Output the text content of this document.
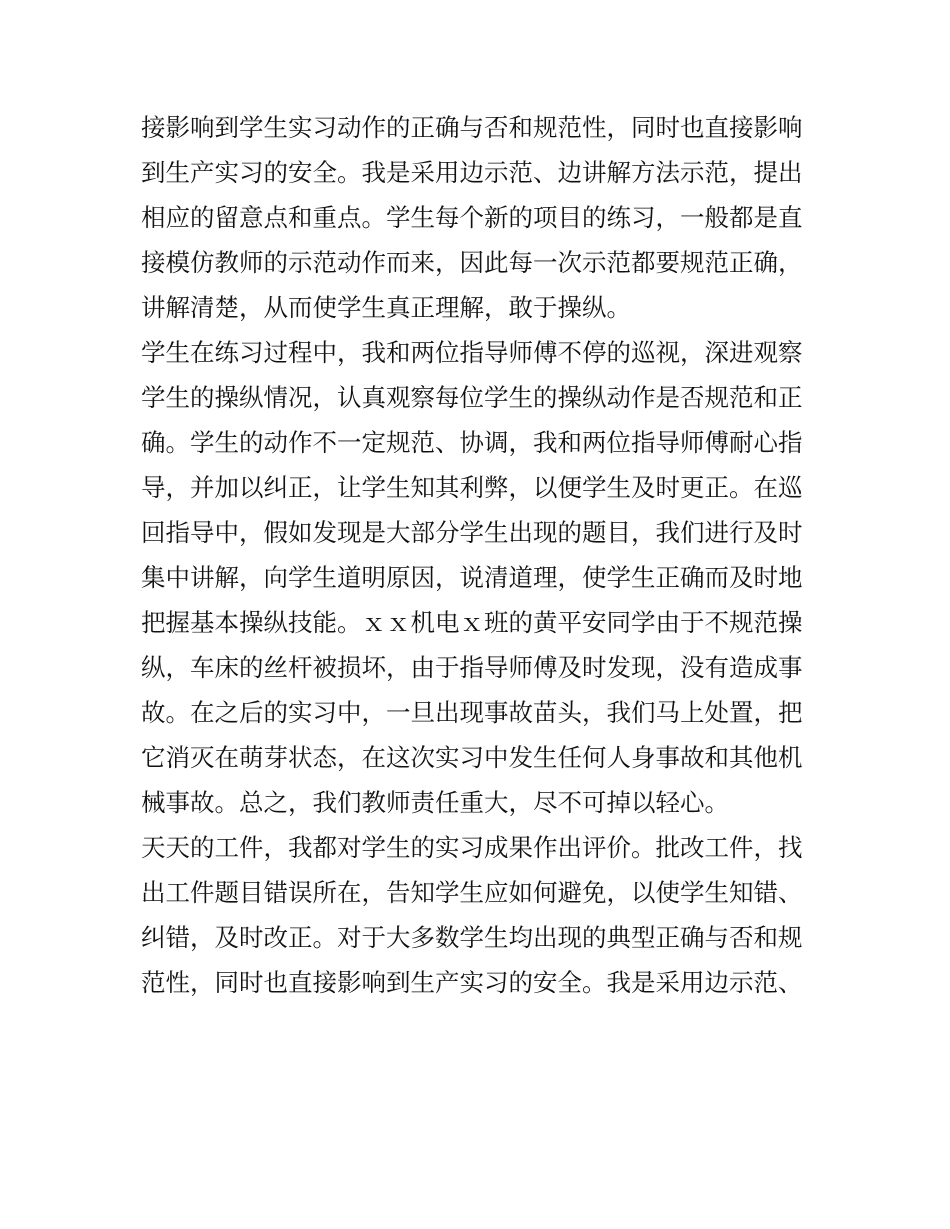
接影响到学生实习动作的正确与否和规范性，同时也直接影响
到生产实习的安全。我是采用边示范、边讲解方法示范，提出
相应的留意点和重点。学生每个新的项目的练习，一般都是直
接模仿教师的示范动作而来，因此每一次示范都要规范正确，
讲解清楚，从而使学生真正理解，敢于操纵。
学生在练习过程中，我和两位指导师傅不停的巡视，深进观察
学生的操纵情况，认真观察每位学生的操纵动作是否规范和正
确。学生的动作不一定规范、协调，我和两位指导师傅耐心指
导，并加以纠正，让学生知其利弊，以便学生及时更正。在巡
回指导中，假如发现是大部分学生出现的题目，我们进行及时
集中讲解，向学生道明原因，说清道理，使学生正确而及时地
把握基本操纵技能。ｘｘ机电ｘ班的黄平安同学由于不规范操
纵，车床的丝杆被损坏，由于指导师傅及时发现，没有造成事
故。在之后的实习中，一旦出现事故苗头，我们马上处置，把
它消灭在萌芽状态，在这次实习中发生任何人身事故和其他机
械事故。总之，我们教师责任重大，尽不可掉以轻心。
天天的工件，我都对学生的实习成果作出评价。批改工件，找
出工件题目错误所在，告知学生应如何避免，以使学生知错、
纠错，及时改正。对于大多数学生均出现的典型正确与否和规
范性，同时也直接影响到生产实习的安全。我是采用边示范、
